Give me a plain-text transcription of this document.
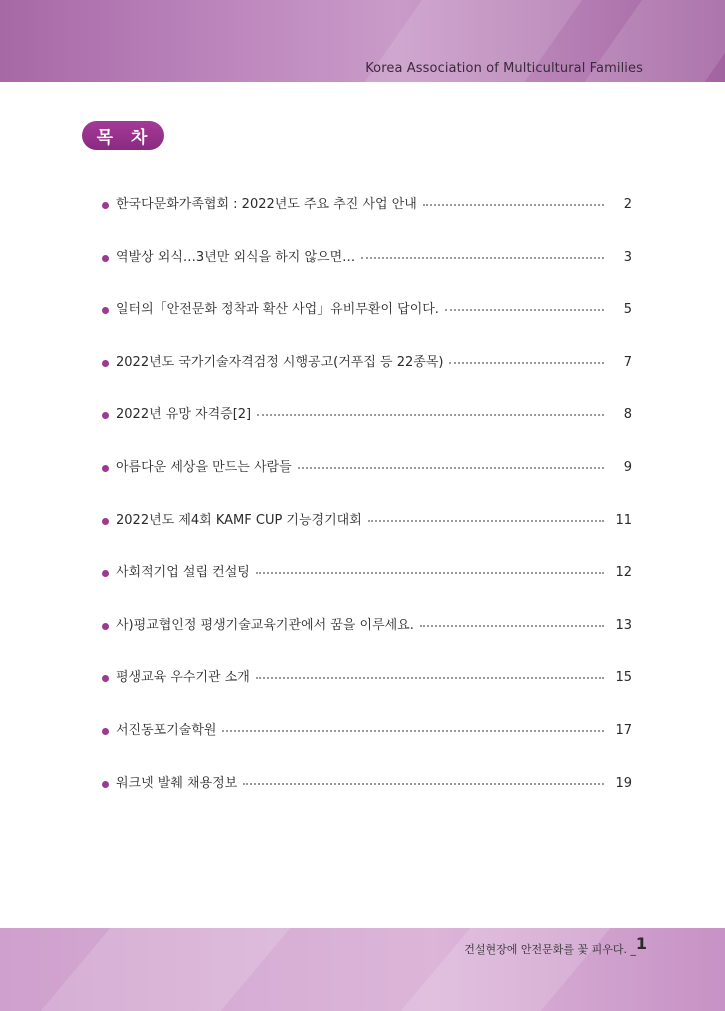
Korea Association of Multicultural Families
목 차
한국다문화가족협회 : 2022년도 주요 추진 사업 안내	2
역발상 외식…3년만 외식을 하지 않으면…	3
일터의「안전문화 정착과 확산 사업」유비무환이 답이다.	5
2022년도 국가기술자격검정 시행공고(거푸집 등 22종목)	7
2022년 유망 자격증[2]	8
아름다운 세상을 만드는 사람들	9
2022년도 제4회 KAMF CUP 기능경기대회	11
사회적기업 설립 컨설팅	12
사)평교협인정 평생기술교육기관에서 꿈을 이루세요.	13
평생교육 우수기관 소개	15
서진동포기술학원	17
워크넷 발췌 채용정보	19
건설현장에 안전문화를 꽃 피우다. _ 1
